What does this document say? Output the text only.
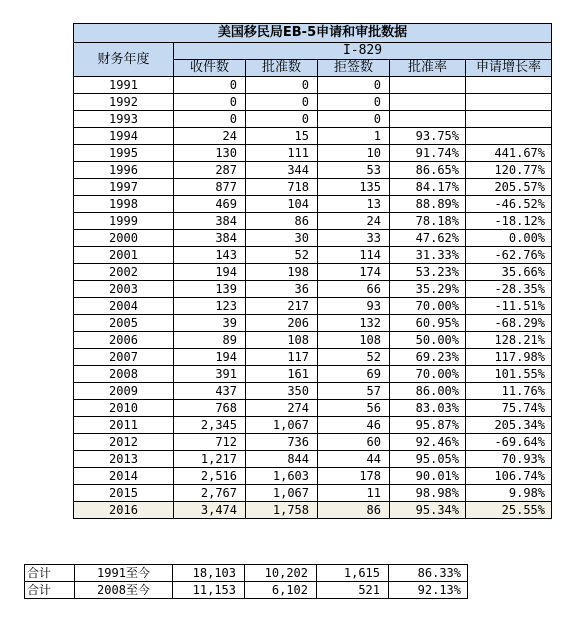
美国移民局EB-5申请和审批数据					
财务年度	I-829				
	收件数	批准数	拒签数	批准率	申请增长率
1991	0	0	0		
1992	0	0	0		
1993	0	0	0		
1994	24	15	1	93.75%	
1995	130	111	10	91.74%	441.67%
1996	287	344	53	86.65%	120.77%
1997	877	718	135	84.17%	205.57%
1998	469	104	13	88.89%	-46.52%
1999	384	86	24	78.18%	-18.12%
2000	384	30	33	47.62%	0.00%
2001	143	52	114	31.33%	-62.76%
2002	194	198	174	53.23%	35.66%
2003	139	36	66	35.29%	-28.35%
2004	123	217	93	70.00%	-11.51%
2005	39	206	132	60.95%	-68.29%
2006	89	108	108	50.00%	128.21%
2007	194	117	52	69.23%	117.98%
2008	391	161	69	70.00%	101.55%
2009	437	350	57	86.00%	11.76%
2010	768	274	56	83.03%	75.74%
2011	2,345	1,067	46	95.87%	205.34%
2012	712	736	60	92.46%	-69.64%
2013	1,217	844	44	95.05%	70.93%
2014	2,516	1,603	178	90.01%	106.74%
2015	2,767	1,067	11	98.98%	9.98%
2016	3,474	1,758	86	95.34%	25.55%
合计	1991至今	18,103	10,202	1,615	86.33%
合计	2008至今	11,153	6,102	521	92.13%
